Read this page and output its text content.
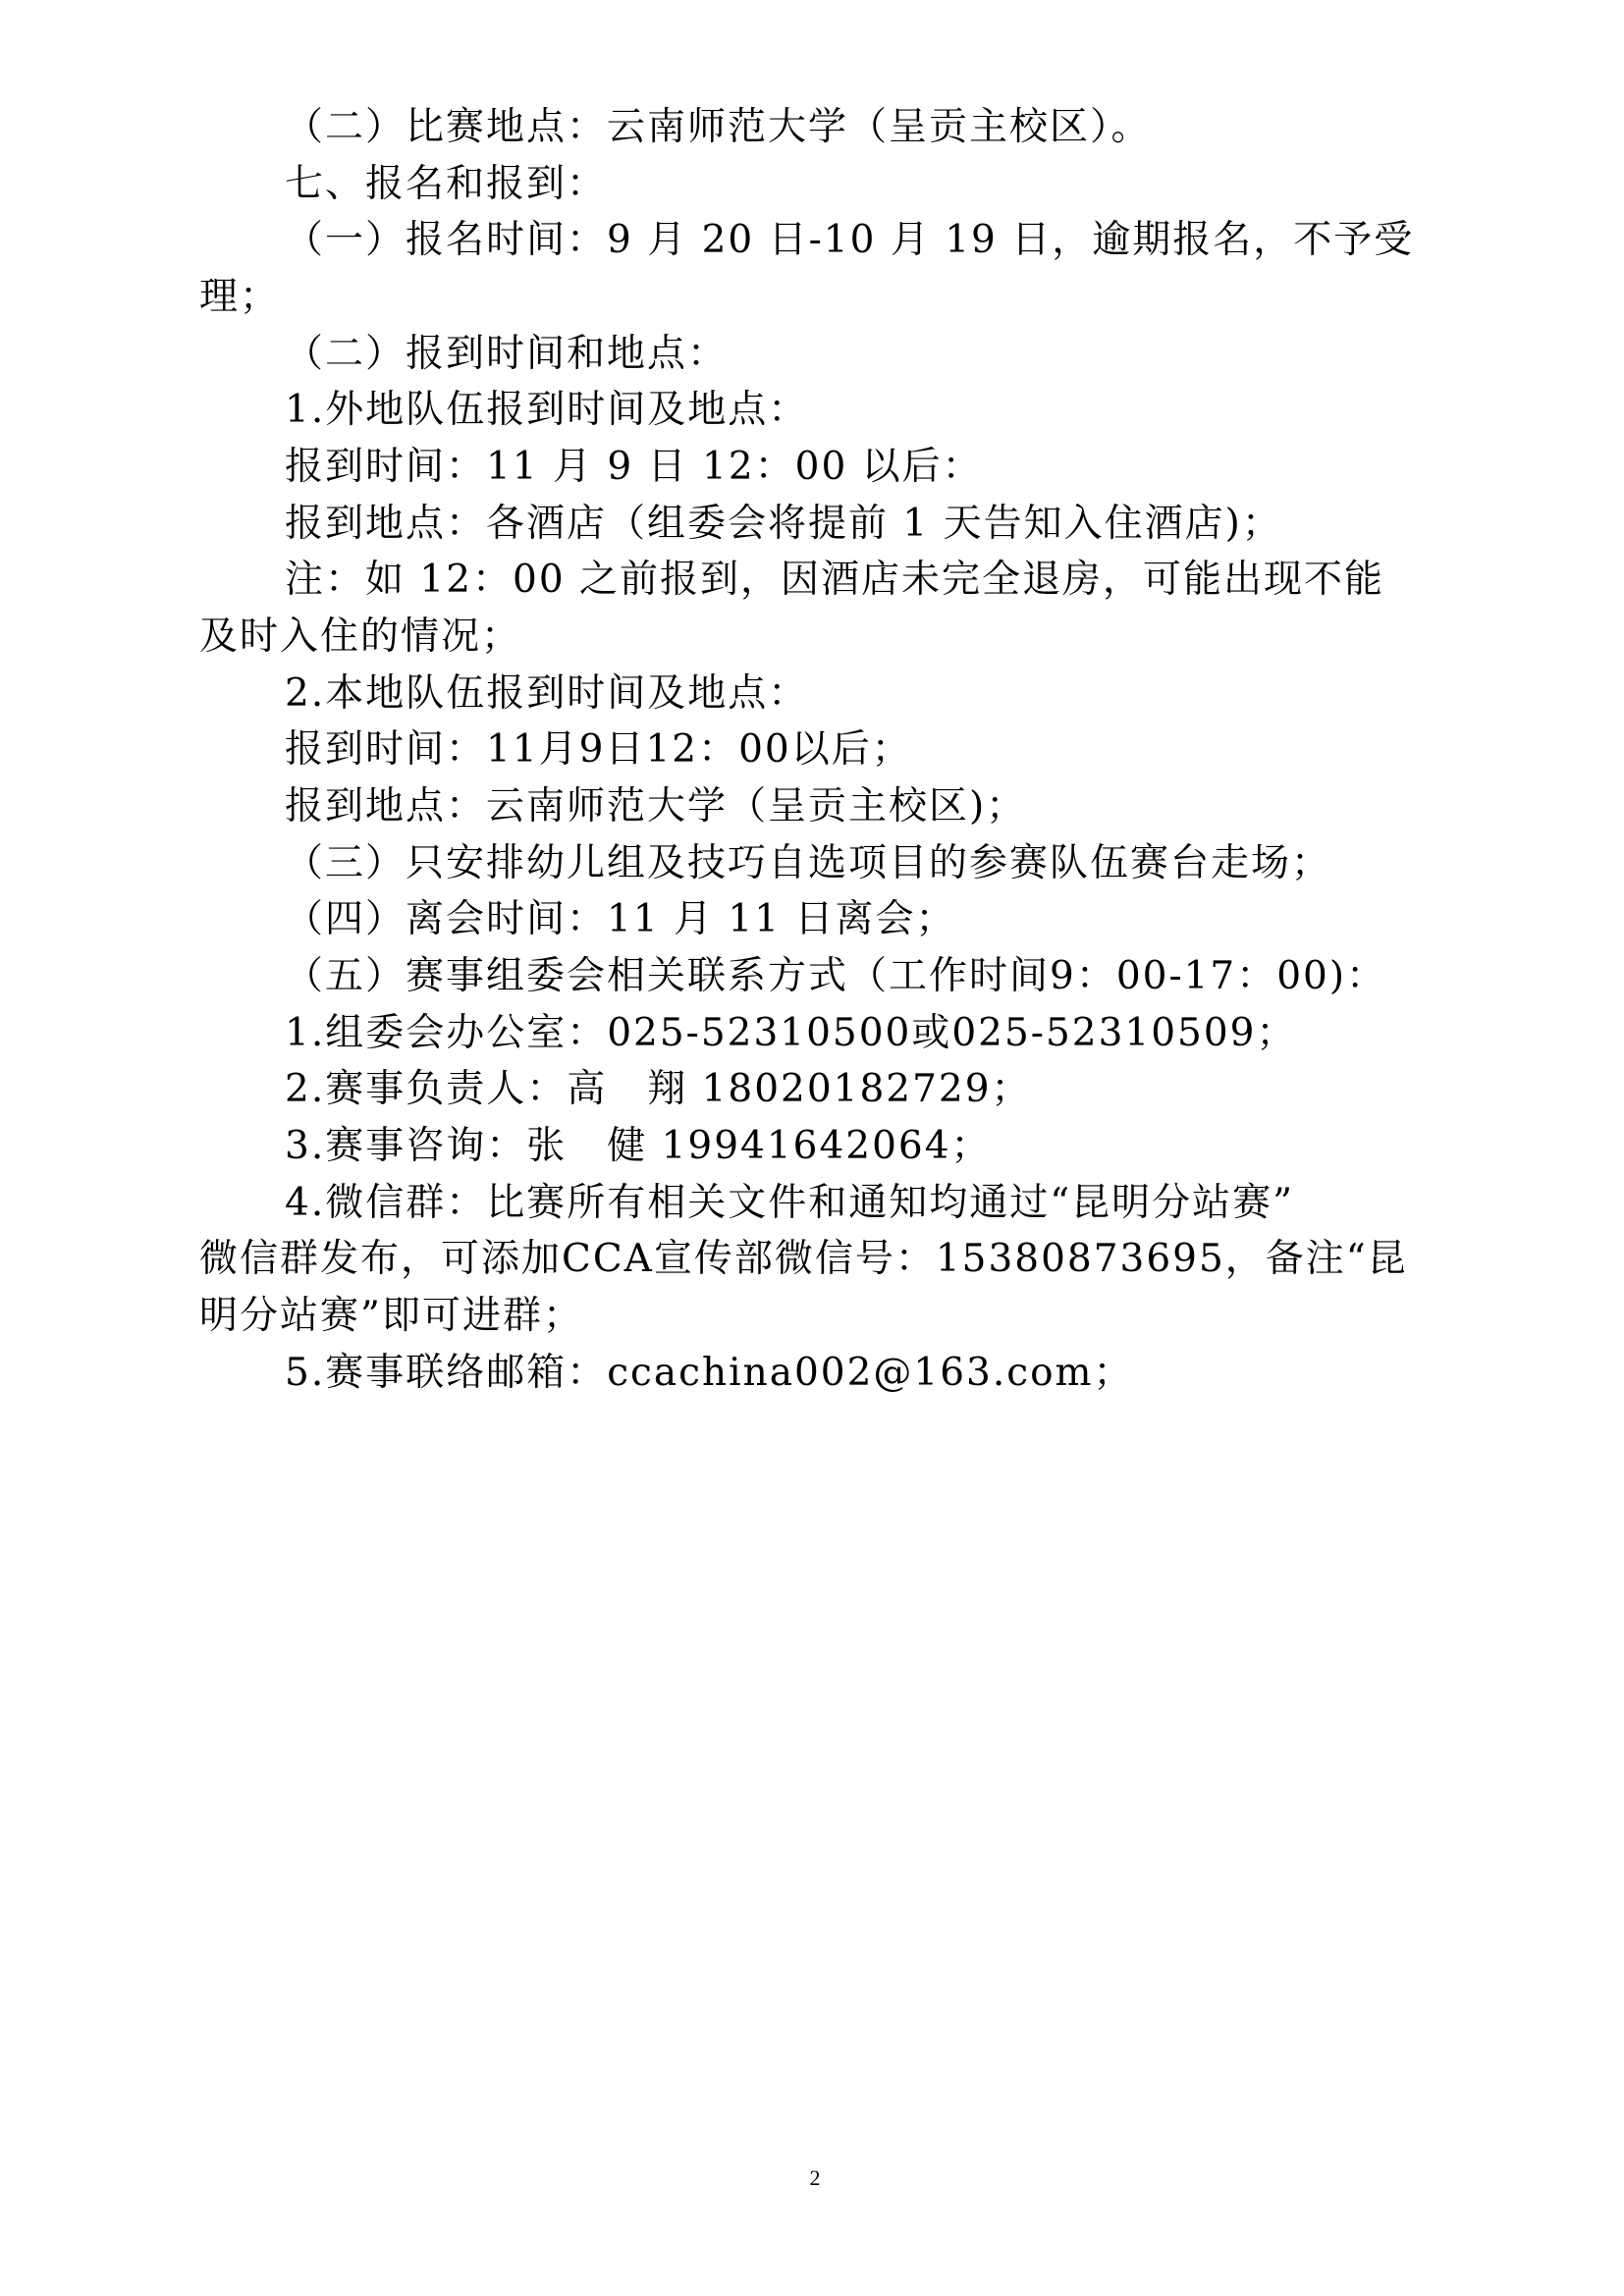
（二）比赛地点：云南师范大学（呈贡主校区）。
七、报名和报到：
（一）报名时间：9 月 20 日-10 月 19 日，逾期报名，不予受
理；
（二）报到时间和地点：
1.外地队伍报到时间及地点：
报到时间：11 月 9 日 12：00 以后：
报到地点：各酒店（组委会将提前 1 天告知入住酒店)；
注：如 12：00 之前报到，因酒店未完全退房，可能出现不能
及时入住的情况；
2.本地队伍报到时间及地点：
报到时间：11月9日12：00以后；
报到地点：云南师范大学（呈贡主校区)；
（三）只安排幼儿组及技巧自选项目的参赛队伍赛台走场；
（四）离会时间：11 月 11 日离会；
（五）赛事组委会相关联系方式（工作时间9：00-17：00)：
1.组委会办公室：025-52310500或025-52310509；
2.赛事负责人：高　翔 18020182729；
3.赛事咨询：张　健 19941642064；
4.微信群：比赛所有相关文件和通知均通过“昆明分站赛”
微信群发布，可添加CCA宣传部微信号：15380873695，备注“昆
明分站赛”即可进群；
5.赛事联络邮箱：ccachina002@163.com；
2
